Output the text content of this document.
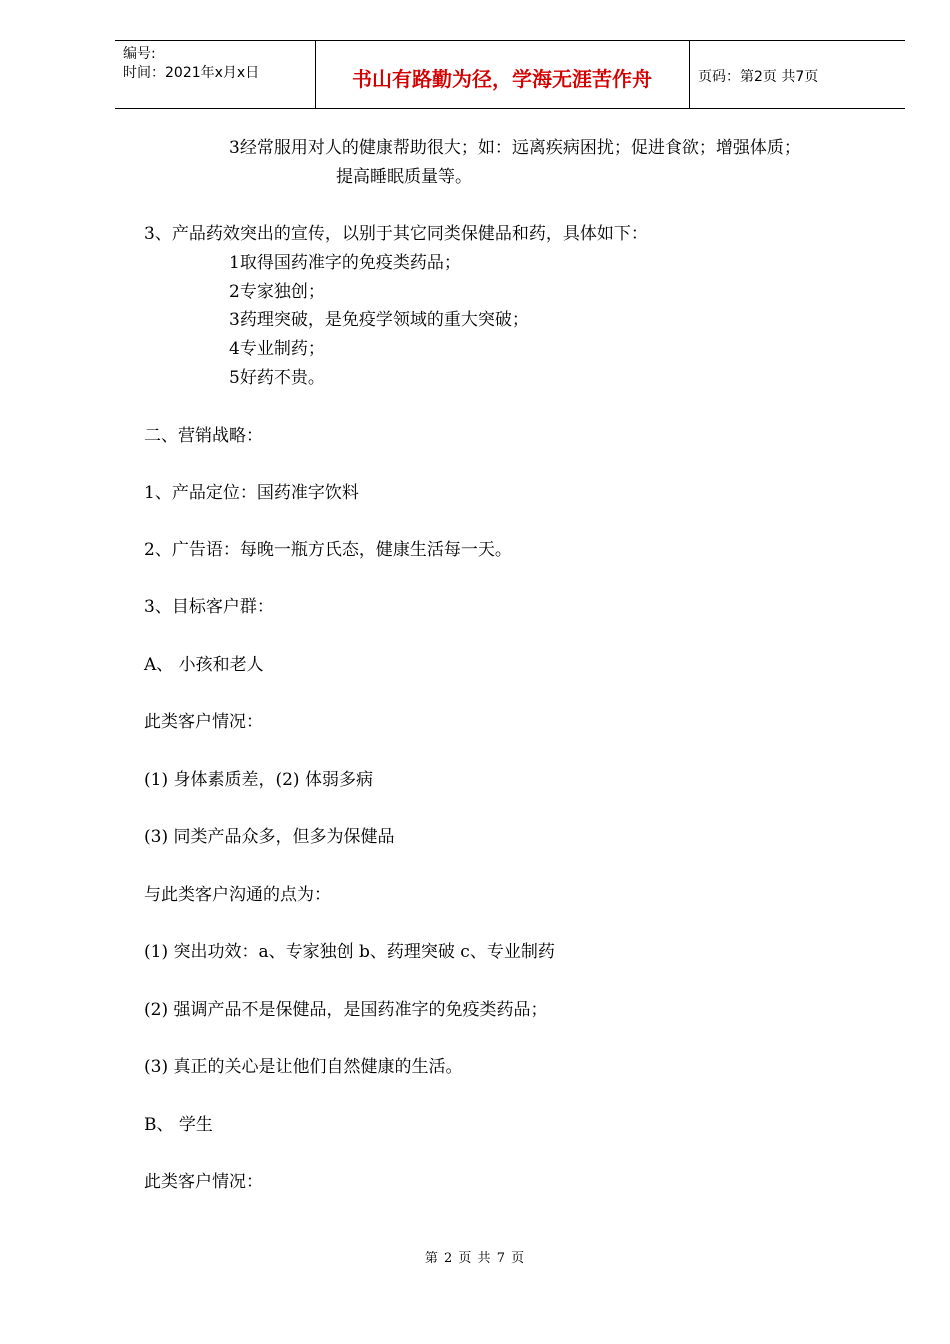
编号:
时间：2021年x月x日	书山有路勤为径，学海无涯苦作舟	页码：第2页 共7页
3经常服用对人的健康帮助很大；如：远离疾病困扰；促进食欲；增强体质；
提高睡眠质量等。
3、产品药效突出的宣传，以别于其它同类保健品和药，具体如下：
1取得国药准字的免疫类药品；
2专家独创；
3药理突破，是免疫学领域的重大突破；
4专业制药；
5好药不贵。
二、营销战略：
1、产品定位：国药准字饮料
2、广告语：每晚一瓶方氏态，健康生活每一天。
3、目标客户群：
A、 小孩和老人
此类客户情况：
(1) 身体素质差，(2) 体弱多病
(3) 同类产品众多，但多为保健品
与此类客户沟通的点为：
(1) 突出功效：a、专家独创 b、药理突破 c、专业制药
(2) 强调产品不是保健品，是国药准字的免疫类药品；
(3) 真正的关心是让他们自然健康的生活。
B、 学生
此类客户情况：
第 2 页 共 7 页
